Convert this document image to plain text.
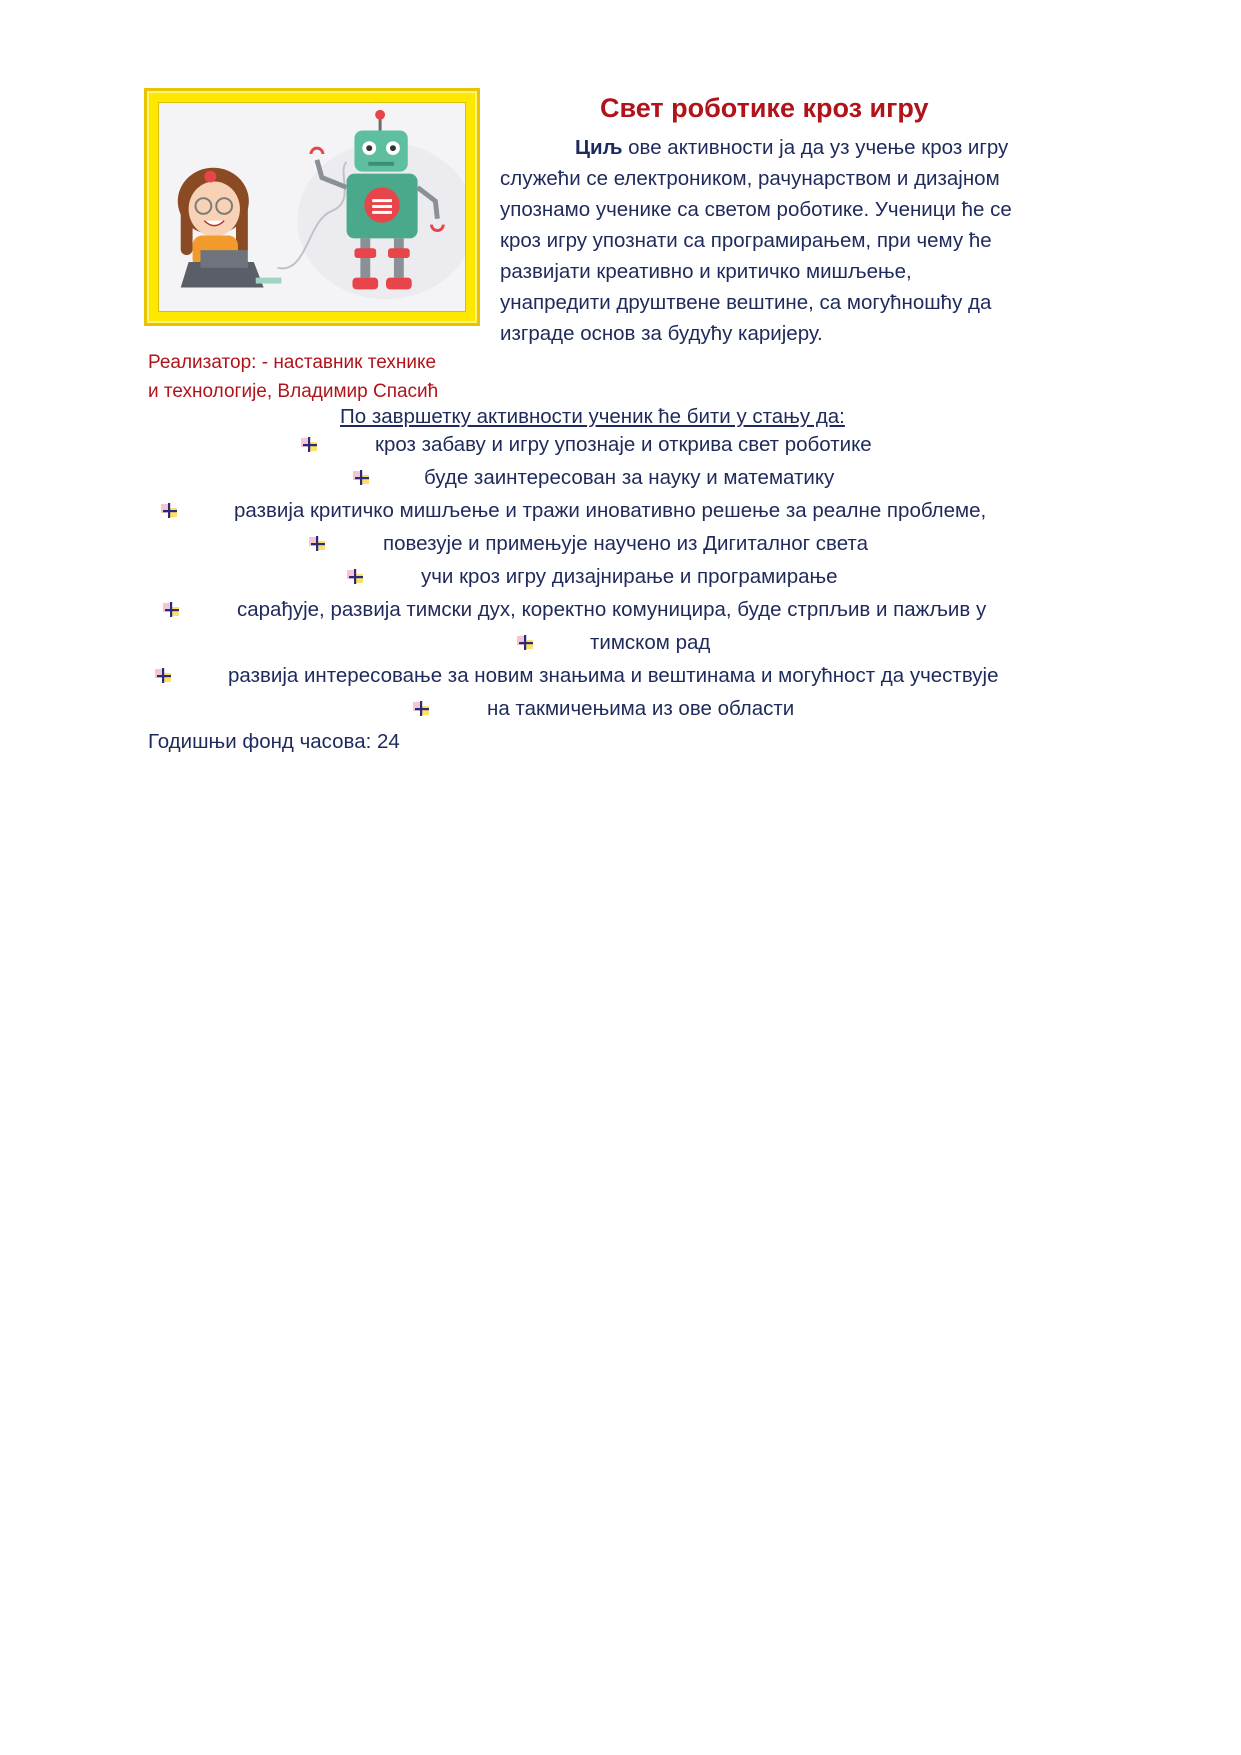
Свет роботике кроз игру
Циљ ове активности ја да уз учење кроз игру
служећи се електроником, рачунарством и дизајном
упознамо ученике са светом роботике. Ученици ће се
кроз игру упознати са програмирањем, при чему ће
развијати креативно и критичко мишљење,
унапредити друштвене вештине, са могућношћу да
изграде основ за будућу каријеру.
Реализатор: - наставник технике
и технологије, Владимир Спасић
По завршетку активности ученик ће бити у стању да:
кроз забаву и игру упознаје и открива свет роботике
буде заинтересован за науку и математику
развија критичко мишљење и тражи иновативно решење за реалне проблеме,
повезује и примењује научено из Дигиталног света
учи кроз игру дизајнирање и програмирање
сарађује, развија тимски дух, коректно комуницира, буде стрпљив и пажљив у
тимском рад
развија интересовање за новим знањима и вештинама и могућност да учествује
на такмичењима из ове области
Годишњи фонд часова: 24
